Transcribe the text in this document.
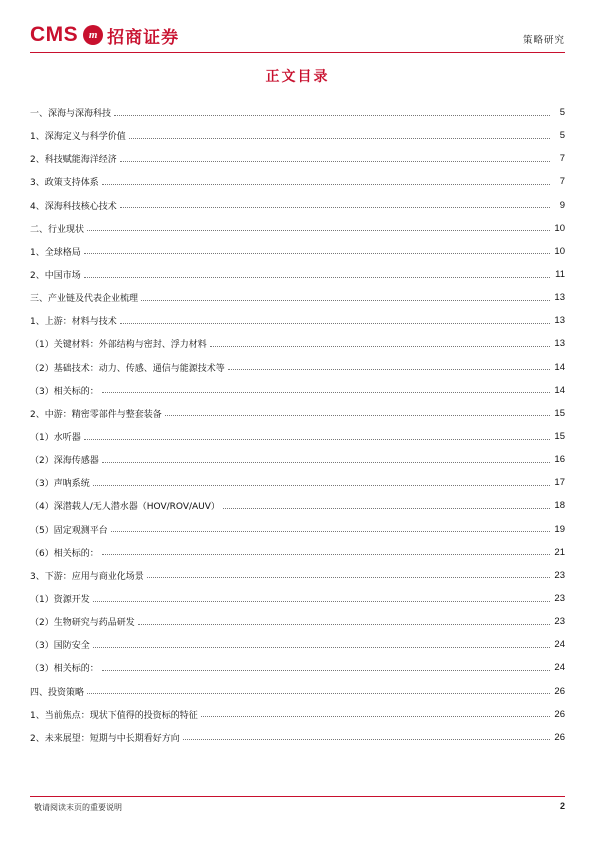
CMS m 招商证券	策略研究
正文目录
一、 深海与深海科技	5
1、 深海定义与科学价值	5
2、 科技赋能海洋经济	7
3、 政策支持体系	7
4、 深海科技核心技术	9
二、 行业现状	10
1、 全球格局	10
2、 中国市场	11
三、 产业链及代表企业梳理	13
1、 上游：材料与技术	13
（1） 关键材料：外部结构与密封、浮力材料	13
（2） 基础技术：动力、传感、通信与能源技术等	14
（3） 相关标的：	14
2、 中游：精密零部件与整套装备	15
（1） 水听器	15
（2） 深海传感器	16
（3） 声呐系统	17
（4） 深潜载人/无人潜水器（HOV/ROV/AUV）	18
（5） 固定观测平台	19
（6） 相关标的：	21
3、 下游：应用与商业化场景	23
（1） 资源开发	23
（2） 生物研究与药品研发	23
（3） 国防安全	24
（3） 相关标的：	24
四、 投资策略	26
1、 当前焦点：现状下值得的投资标的特征	26
2、 未来展望：短期与中长期看好方向	26
敬请阅读末页的重要说明	2
